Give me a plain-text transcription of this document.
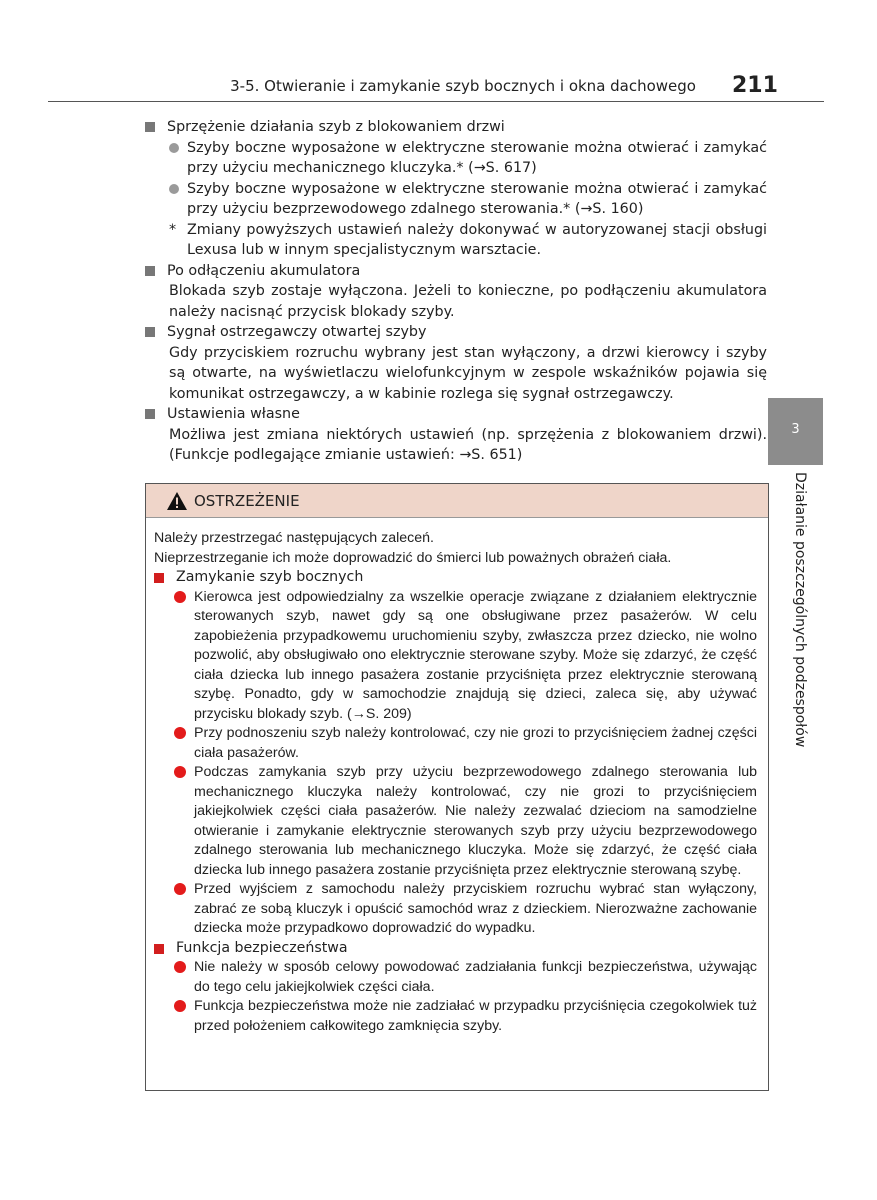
3-5. Otwieranie i zamykanie szyb bocznych i okna dachowego 211
Sprzężenie działania szyb z blokowaniem drzwi
Szyby boczne wyposażone w elektryczne sterowanie można otwierać i zamykać przy użyciu mechanicznego kluczyka.* (→S. 617)
Szyby boczne wyposażone w elektryczne sterowanie można otwierać i zamykać przy użyciu bezprzewodowego zdalnego sterowania.* (→S. 160)
* Zmiany powyższych ustawień należy dokonywać w autoryzowanej stacji obsługi Lexusa lub w innym specjalistycznym warsztacie.
Po odłączeniu akumulatora

Blokada szyb zostaje wyłączona. Jeżeli to konieczne, po podłączeniu akumulatora należy nacisnąć przycisk blokady szyby.

Sygnał ostrzegawczy otwartej szyby

Gdy przyciskiem rozruchu wybrany jest stan wyłączony, a drzwi kierowcy i szyby są otwarte, na wyświetlaczu wielofunkcyjnym w zespole wskaźników pojawia się komunikat ostrzegawczy, a w kabinie rozlega się sygnał ostrzegawczy.

Ustawienia własne

Możliwa jest zmiana niektórych ustawień (np. sprzężenia z blokowaniem drzwi). (Funkcje podlegające zmianie ustawień: →S. 651)

3
Działanie poszczególnych podzespołów
OSTRZEŻENIE

Należy przestrzegać następujących zaleceń.

Nieprzestrzeganie ich może doprowadzić do śmierci lub poważnych obrażeń ciała.

Zamykanie szyb bocznych
Kierowca jest odpowiedzialny za wszelkie operacje związane z działaniem elektrycznie sterowanych szyb, nawet gdy są one obsługiwane przez pasażerów. W celu zapobieżenia przypadkowemu uruchomieniu szyby, zwłaszcza przez dziecko, nie wolno pozwolić, aby obsługiwało ono elektrycznie sterowane szyby. Może się zdarzyć, że część ciała dziecka lub innego pasażera zostanie przyciśnięta przez elektrycznie sterowaną szybę. Ponadto, gdy w samochodzie znajdują się dzieci, zaleca się, aby używać przycisku blokady szyb. (→S. 209)
Przy podnoszeniu szyb należy kontrolować, czy nie grozi to przyciśnięciem żadnej części ciała pasażerów.
Podczas zamykania szyb przy użyciu bezprzewodowego zdalnego sterowania lub mechanicznego kluczyka należy kontrolować, czy nie grozi to przyciśnięciem jakiejkolwiek części ciała pasażerów. Nie należy zezwalać dzieciom na samodzielne otwieranie i zamykanie elektrycznie sterowanych szyb przy użyciu bezprzewodowego zdalnego sterowania lub mechanicznego kluczyka. Może się zdarzyć, że część ciała dziecka lub innego pasażera zostanie przyciśnięta przez elektrycznie sterowaną szybę.
Przed wyjściem z samochodu należy przyciskiem rozruchu wybrać stan wyłączony, zabrać ze sobą kluczyk i opuścić samochód wraz z dzieckiem. Nierozważne zachowanie dziecka może przypadkowo doprowadzić do wypadku.
Funkcja bezpieczeństwa
Nie należy w sposób celowy powodować zadziałania funkcji bezpieczeństwa, używając do tego celu jakiejkolwiek części ciała.
Funkcja bezpieczeństwa może nie zadziałać w przypadku przyciśnięcia czegokolwiek tuż przed położeniem całkowitego zamknięcia szyby.
